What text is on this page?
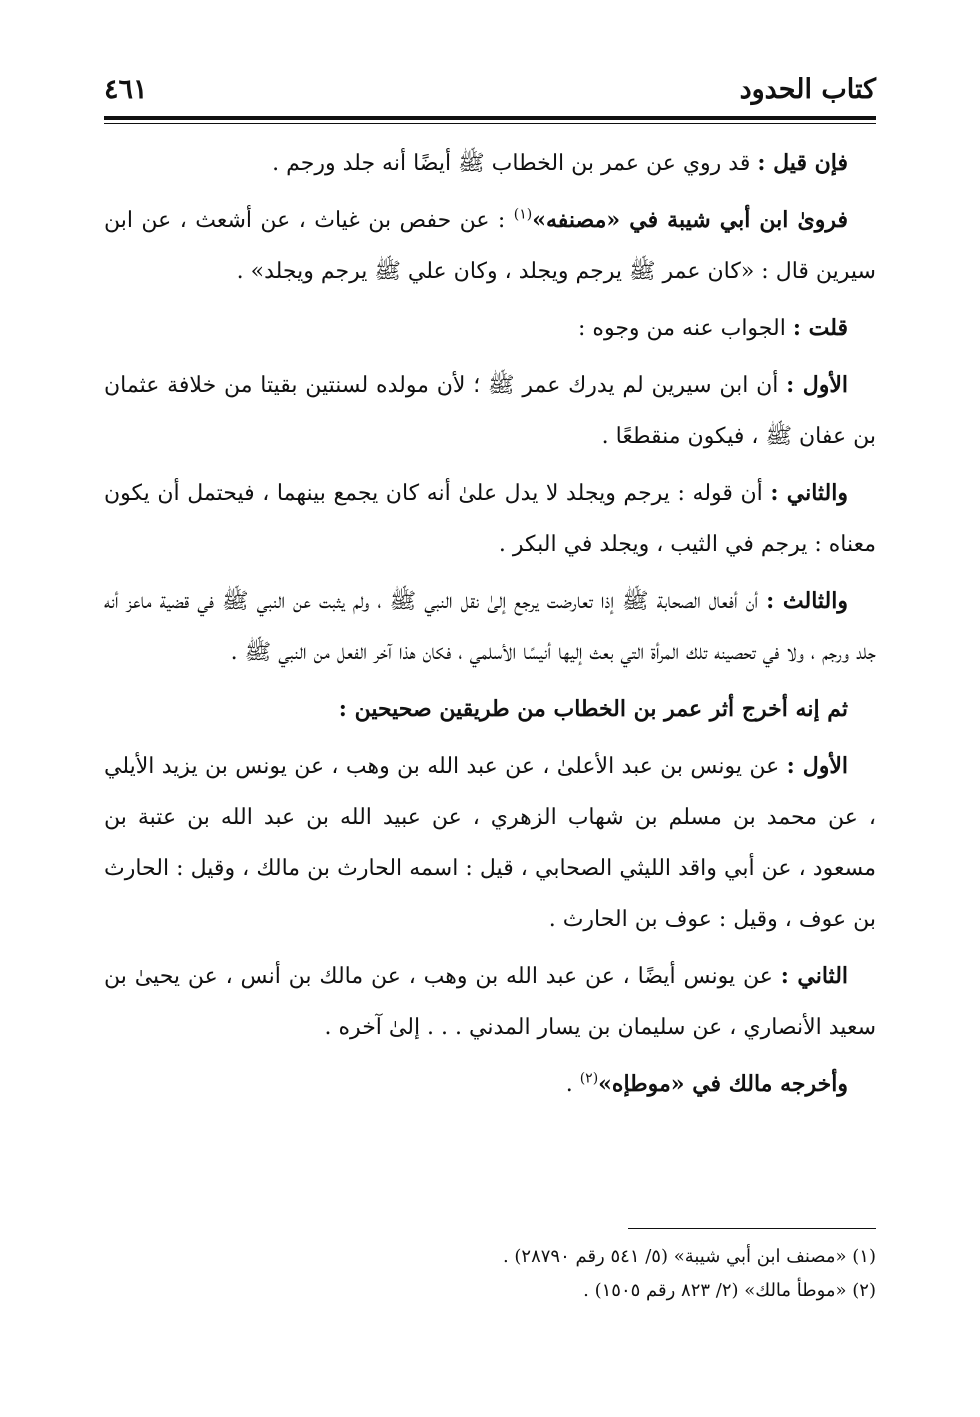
كتاب الحدود
٤٦١

فإن قيل : قد روي عن عمر بن الخطاب ﷺ أيضًا أنه جلد ورجم .

فروىٰ ابن أبي شيبة في «مصنفه»$^{(١)}$ : عن حفص بن غياث ، عن أشعث ، عن ابن سيرين قال : «كان عمر ﷺ يرجم ويجلد ، وكان علي ﷺ يرجم ويجلد» .

قلت : الجواب عنه من وجوه :

الأول : أن ابن سيرين لم يدرك عمر ﷺ ؛ لأن مولده لسنتين بقيتا من خلافة عثمان بن عفان ﷺ ، فيكون منقطعًا .

والثاني : أن قوله : يرجم ويجلد لا يدل علىٰ أنه كان يجمع بينهما ، فيحتمل أن يكون معناه : يرجم في الثيب ، ويجلد في البكر .

والثالث : أن أفعال الصحابة ﷺ إذا تعارضت يرجع إلىٰ نقل النبي ﷺ ، ولم يثبت عن النبي ﷺ في قضية ماعز أنه جلد ورجم ، ولا في تحصينه تلك المرأة التي بعث إليها أنيسًا الأسلمي ، فكان هذا آخر الفعل من النبي ﷺ .

ثم إنه أخرج أثر عمر بن الخطاب من طريقين صحيحين :

الأول : عن يونس بن عبد الأعلىٰ ، عن عبد الله بن وهب ، عن يونس بن يزيد الأيلي ، عن محمد بن مسلم بن شهاب الزهري ، عن عبيد الله بن عبد الله بن عتبة بن مسعود ، عن أبي واقد الليثي الصحابي ، قيل : اسمه الحارث بن مالك ، وقيل : الحارث بن عوف ، وقيل : عوف بن الحارث .

الثاني : عن يونس أيضًا ، عن عبد الله بن وهب ، عن مالك بن أنس ، عن يحيىٰ بن سعيد الأنصاري ، عن سليمان بن يسار المدني . . . إلىٰ آخره .

وأخرجه مالك في «موطإه»$^{(٢)}$ .

(١) «مصنف ابن أبي شيبة» (٥/ ٥٤١ رقم ٢٨٧٩٠) .
(٢) «موطأ مالك» (٢/ ٨٢٣ رقم ١٥٠٥) .
